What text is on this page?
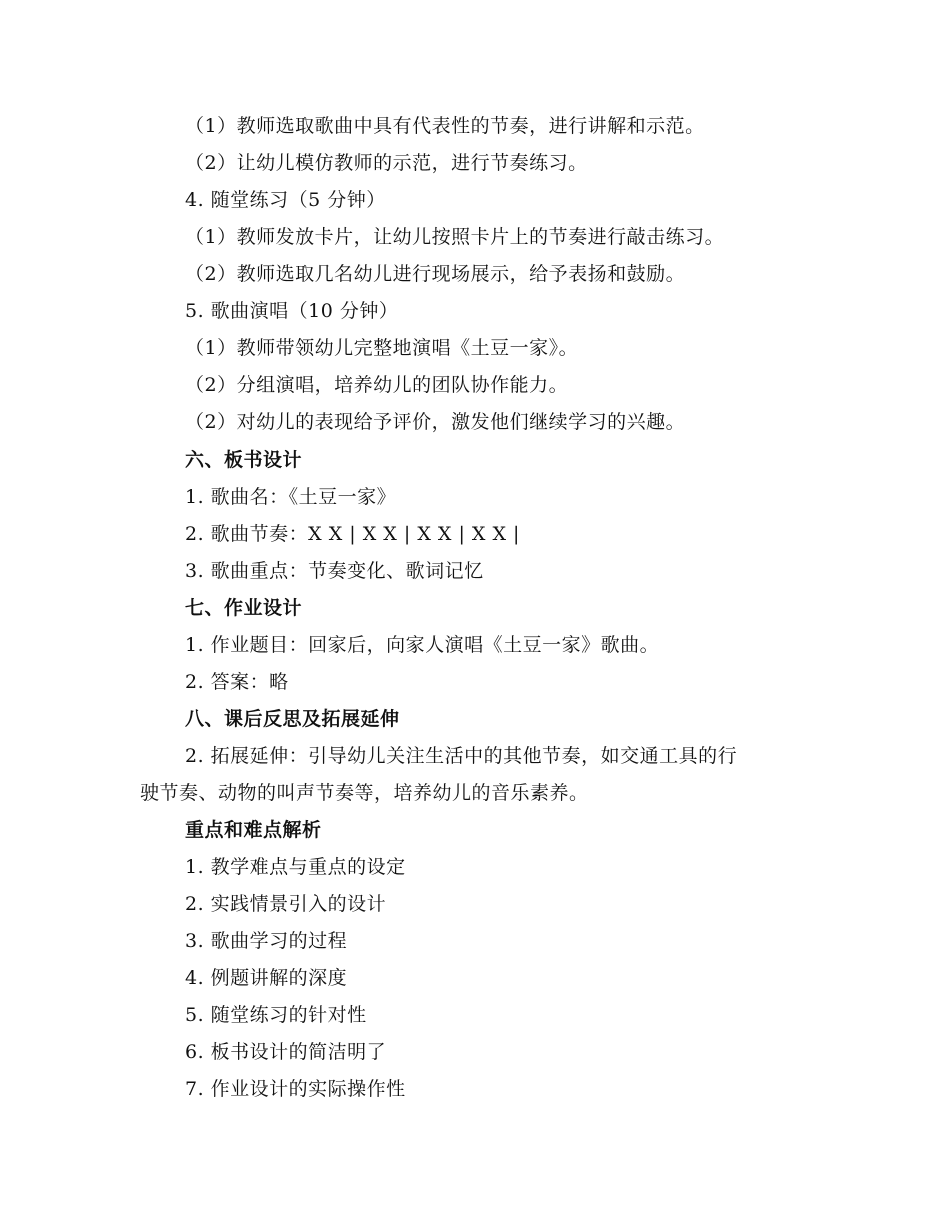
（1）教师选取歌曲中具有代表性的节奏，进行讲解和示范。
（2）让幼儿模仿教师的示范，进行节奏练习。
4. 随堂练习（5 分钟）
（1）教师发放卡片，让幼儿按照卡片上的节奏进行敲击练习。
（2）教师选取几名幼儿进行现场展示，给予表扬和鼓励。
5. 歌曲演唱（10 分钟）
（1）教师带领幼儿完整地演唱《土豆一家》。
（2）分组演唱，培养幼儿的团队协作能力。
（2）对幼儿的表现给予评价，激发他们继续学习的兴趣。
六、板书设计
1. 歌曲名：《土豆一家》
2. 歌曲节奏：X X | X X | X X | X X |
3. 歌曲重点：节奏变化、歌词记忆
七、作业设计
1. 作业题目：回家后，向家人演唱《土豆一家》歌曲。
2. 答案：略
八、课后反思及拓展延伸
2. 拓展延伸：引导幼儿关注生活中的其他节奏，如交通工具的行
驶节奏、动物的叫声节奏等，培养幼儿的音乐素养。
重点和难点解析
1. 教学难点与重点的设定
2. 实践情景引入的设计
3. 歌曲学习的过程
4. 例题讲解的深度
5. 随堂练习的针对性
6. 板书设计的简洁明了
7. 作业设计的实际操作性
